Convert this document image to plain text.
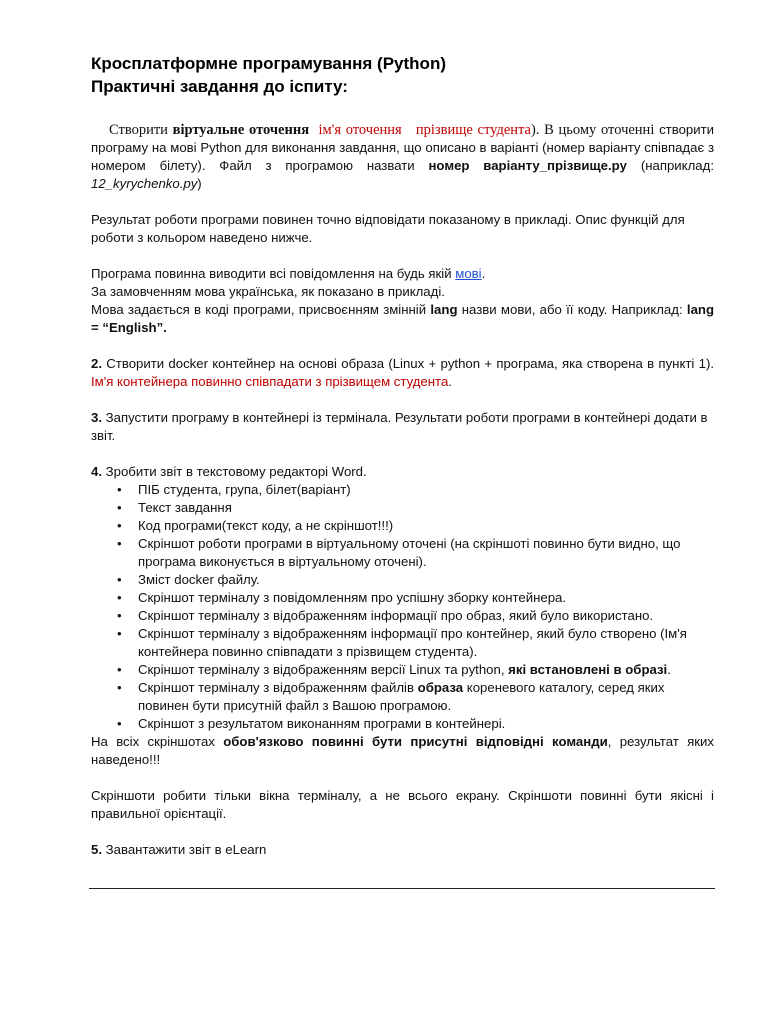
Кросплатформне програмування (Python)
Практичні завдання до іспиту:

Створити віртуальне оточення ім'я оточення прізвище студента). В цьому оточенні створити програму на мові Python для виконання завдання, що описано в варіанті (номер варіанту співпадає з номером білету). Файл з програмою назвати номер варіанту_прізвище.py (наприклад: 12_kyrychenko.py)

Результат роботи програми повинен точно відповідати показаному в прикладі. Опис функцій для роботи з кольором наведено нижче.

Програма повинна виводити всі повідомлення на будь якій мові.

За замовченням мова українська, як показано в прикладі.

Мова задається в коді програми, присвоєнням змінній lang назви мови, або її коду. Наприклад: lang = “English”.

2. Створити docker контейнер на основі образа (Linux + python + програма, яка створена в пункті 1). Ім'я контейнера повинно співпадати з прізвищем студента.

3. Запустити програму в контейнері із термінала. Результати роботи програми в контейнері додати в звіт.

4. Зробити звіт в текстовому редакторі Word.

• ПІБ студента, група, білет(варіант)
• Текст завдання
• Код програми(текст коду, а не скріншот!!!)
• Скріншот роботи програми в віртуальному оточені (на скріншоті повинно бути видно, що програма виконується в віртуальному оточені).
• Зміст docker файлу.
• Скріншот терміналу з повідомленням про успішну зборку контейнера.
• Скріншот терміналу з відображенням інформації про образ, який було використано.
• Скріншот терміналу з відображенням інформації про контейнер, який було створено (Ім'я контейнера повинно співпадати з прізвищем студента).
• Скріншот терміналу з відображенням версії Linux та python, які встановлені в образі.
• Скріншот терміналу з відображенням файлів образа кореневого каталогу, серед яких повинен бути присутній файл з Вашою програмою.
• Скріншот з результатом виконанням програми в контейнері.

На всіх скріншотах обов'язково повинні бути присутні відповідні команди, результат яких наведено!!!

Скріншоти робити тільки вікна терміналу, а не всього екрану. Скріншоти повинні бути якісні і правильної орієнтації.

5. Завантажити звіт в eLearn
